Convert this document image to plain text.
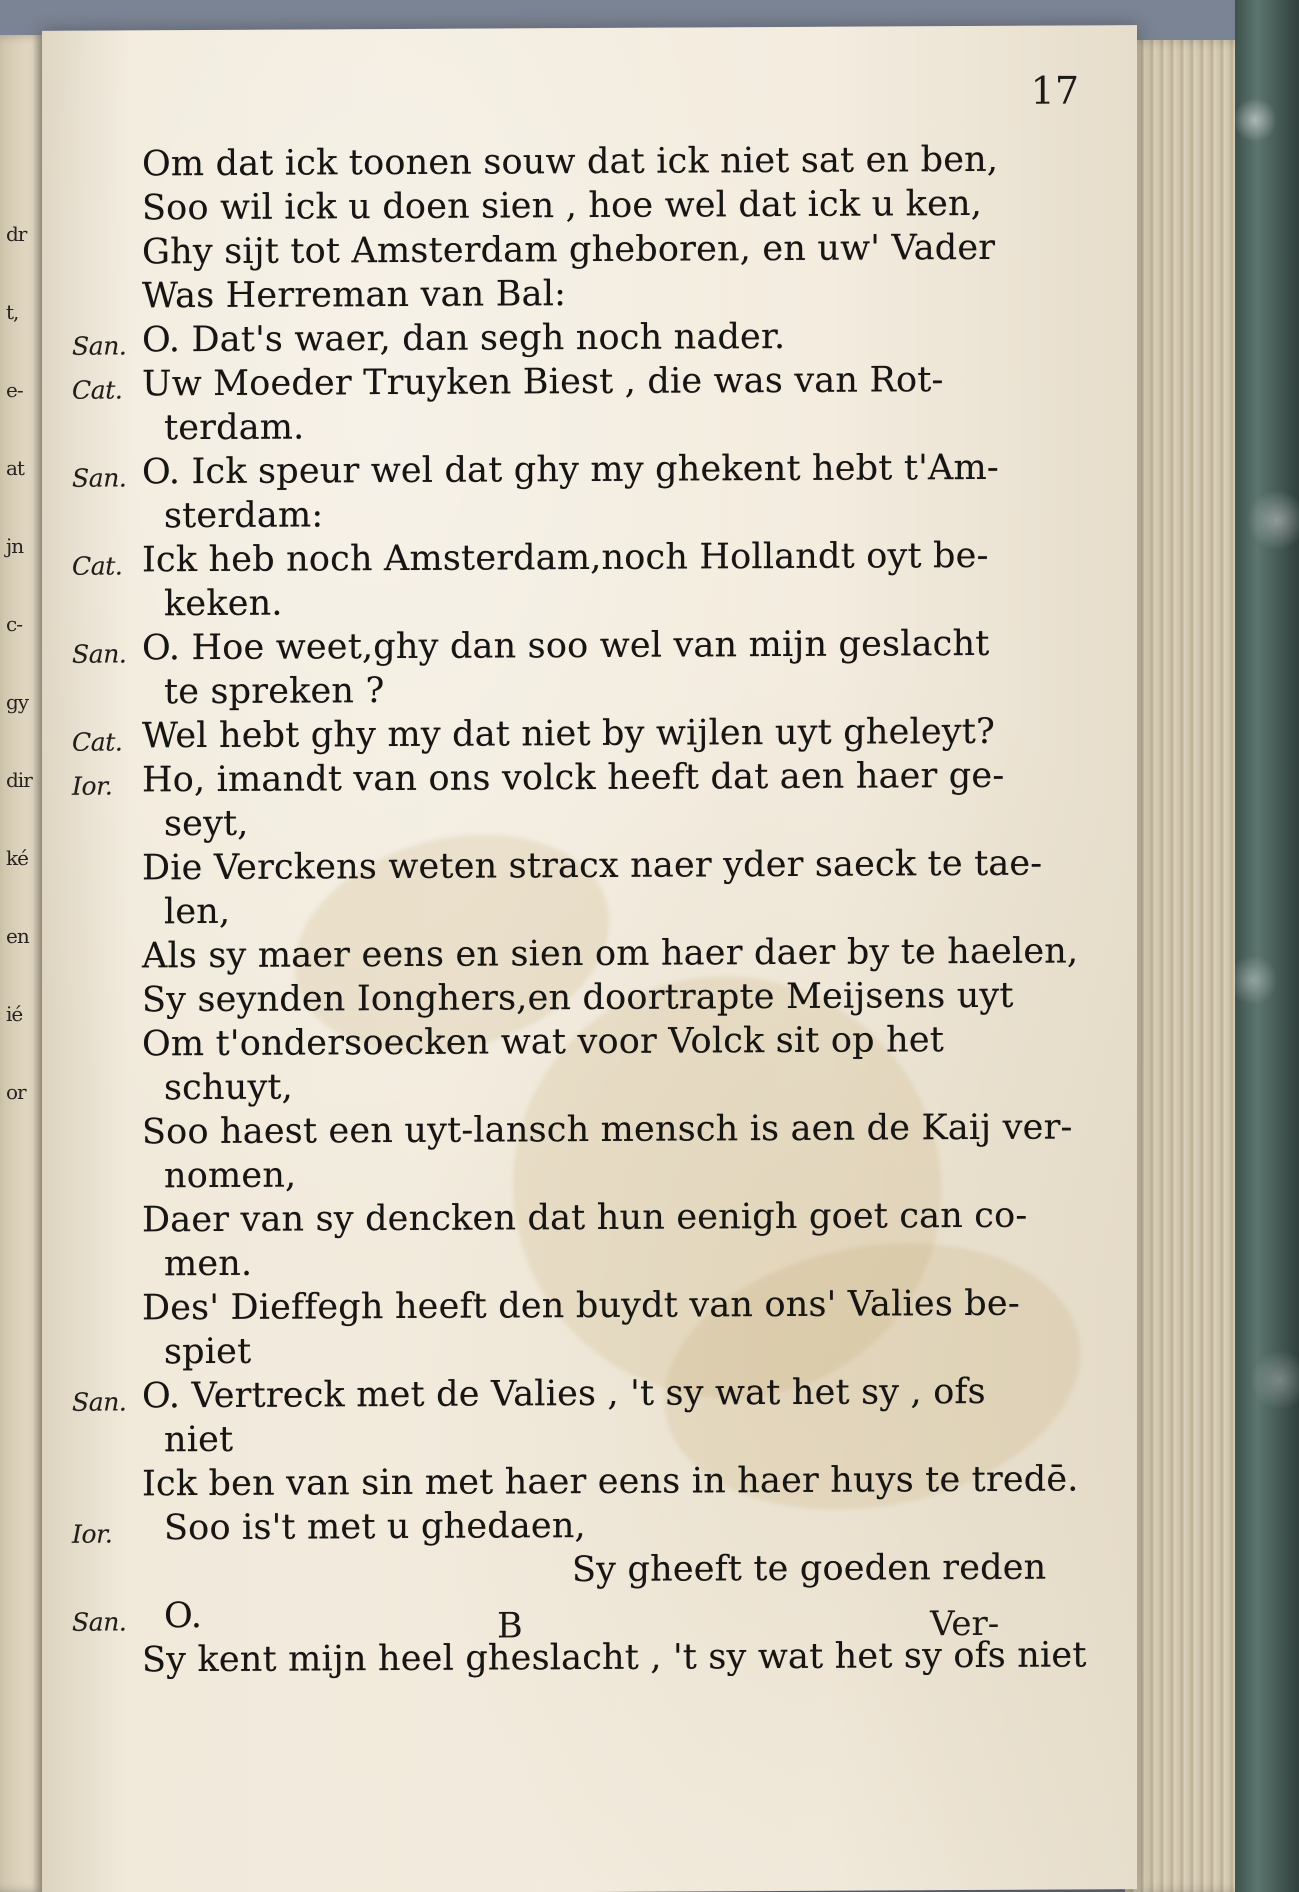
dr
t,
e-
at
jn
c-
gy
dir
ké
en
ié
or
17
Om dat ick toonen souw dat ick niet sat en ben,
Soo wil ick u doen sien , hoe wel dat ick u ken,
Ghy sijt tot Amsterdam gheboren, en uw' Vader
Was Herreman van Bal:
San. O. Dat's waer, dan segh noch nader.
Cat. Uw Moeder Truyken Biest , die was van Rot-
terdam.
San. O. Ick speur wel dat ghy my ghekent hebt t'Am-
sterdam:
Cat. Ick heb noch Amsterdam,noch Hollandt oyt be-
keken.
San. O. Hoe weet,ghy dan soo wel van mijn geslacht
te spreken ?
Cat. Wel hebt ghy my dat niet by wijlen uyt gheleyt?
Ior. Ho, imandt van ons volck heeft dat aen haer ge-
seyt,
Die Verckens weten stracx naer yder saeck te tae-
len,
Als sy maer eens en sien om haer daer by te haelen,
Sy seynden Ionghers,en doortrapte Meijsens uyt
Om t'ondersoecken wat voor Volck sit op het
schuyt,
Soo haest een uyt-lansch mensch is aen de Kaij ver-
nomen,
Daer van sy dencken dat hun eenigh goet can co-
men.
Des' Dieffegh heeft den buydt van ons' Valies be-
spiet
San. O. Vertreck met de Valies , 't sy wat het sy , ofs
niet
Ick ben van sin met haer eens in haer huys te tredē.
Ior.	Soo is't met u ghedaen,
Sy gheeft te goeden reden
San. O.
Sy kent mijn heel gheslacht , 't sy wat het sy ofs niet
B	Ver-
